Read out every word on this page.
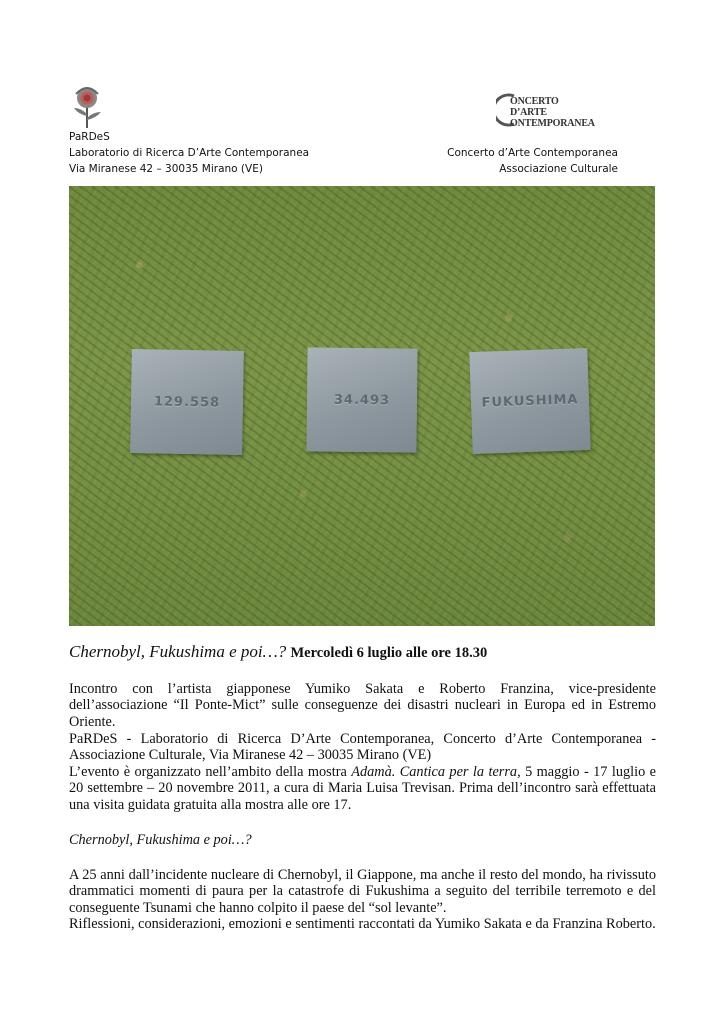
ONCERTO D’ARTE
ONTEMPORANEA
PaRDeS
Laboratorio di Ricerca D’Arte Contemporanea
Via Miranese 42 – 30035 Mirano (VE)
Concerto d’Arte Contemporanea
Associazione Culturale
129.558	34.493	FUKUSHIMA
Chernobyl, Fukushima e poi…? Mercoledì 6 luglio alle ore 18.30

Incontro con l’artista giapponese Yumiko Sakata e Roberto Franzina, vice-presidente dell’associazione “Il Ponte-Mict” sulle conseguenze dei disastri nucleari in Europa ed in Estremo Oriente.

PaRDeS - Laboratorio di Ricerca D’Arte Contemporanea, Concerto d’Arte Contemporanea - Associazione Culturale, Via Miranese 42 – 30035 Mirano (VE)

L’evento è organizzato nell’ambito della mostra Adamà. Cantica per la terra, 5 maggio - 17 luglio e 20 settembre – 20 novembre 2011, a cura di Maria Luisa Trevisan. Prima dell’incontro sarà effettuata una visita guidata gratuita alla mostra alle ore 17.

Chernobyl, Fukushima e poi…?

A 25 anni dall’incidente nucleare di Chernobyl, il Giappone, ma anche il resto del mondo, ha rivissuto drammatici momenti di paura per la catastrofe di Fukushima a seguito del terribile terremoto e del conseguente Tsunami che hanno colpito il paese del “sol levante”.

Riflessioni, considerazioni, emozioni e sentimenti raccontati da Yumiko Sakata e da Franzina Roberto.
